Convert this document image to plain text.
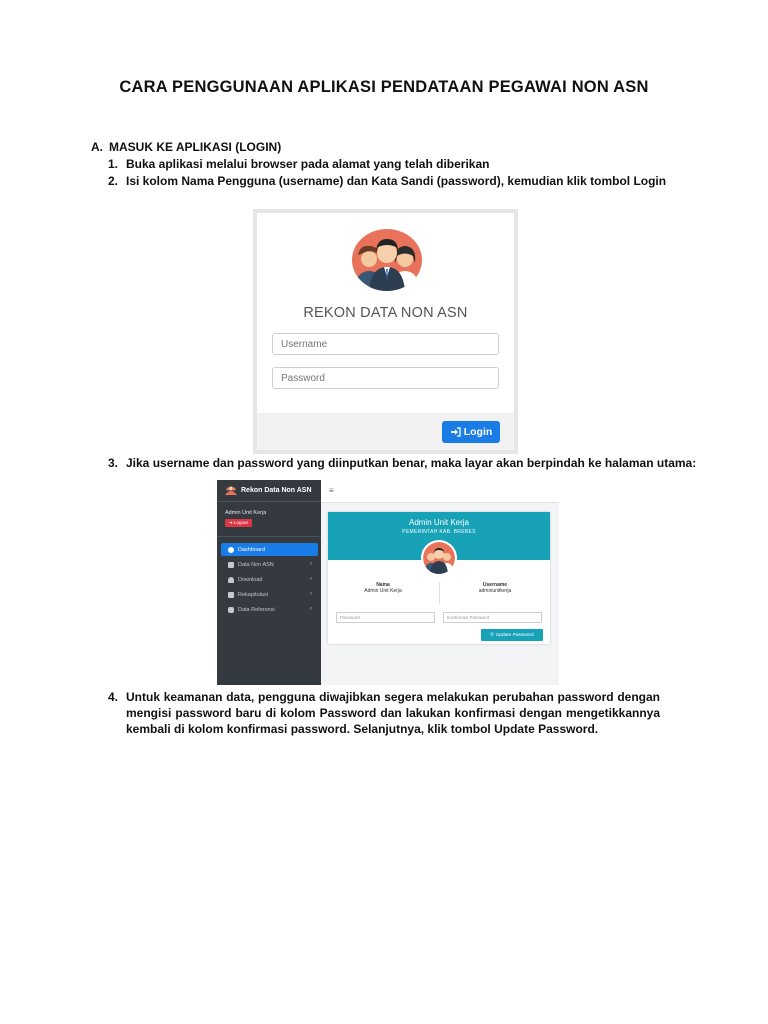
CARA PENGGUNAAN APLIKASI PENDATAAN PEGAWAI NON ASN
A. MASUK KE APLIKASI (LOGIN)
1. Buka aplikasi melalui browser pada alamat yang telah diberikan
2. Isi kolom Nama Pengguna (username) dan Kata Sandi (password), kemudian klik tombol Login
REKON DATA NON ASN
Username
Password
Login
3. Jika username dan password yang diinputkan benar, maka layar akan berpindah ke halaman utama:
Rekon Data Non ASN
Admin Unit Kerja
➜ Logout
Dashboard
Data Non ASN	‹
Download	‹
Rekapitulasi	‹
Data Referensi	‹
≡
Admin Unit Kerja
PEMERINTAH KAB. BREBES
Nama
Admin Unit Kerja
Username
adminunitkerja
Password	Konfirmasi Password
⚲ Update Password
4. Untuk keamanan data, pengguna diwajibkan segera melakukan perubahan password dengan mengisi password baru di kolom Password dan lakukan konfirmasi dengan mengetikkannya kembali di kolom konfirmasi password. Selanjutnya, klik tombol Update Password.
